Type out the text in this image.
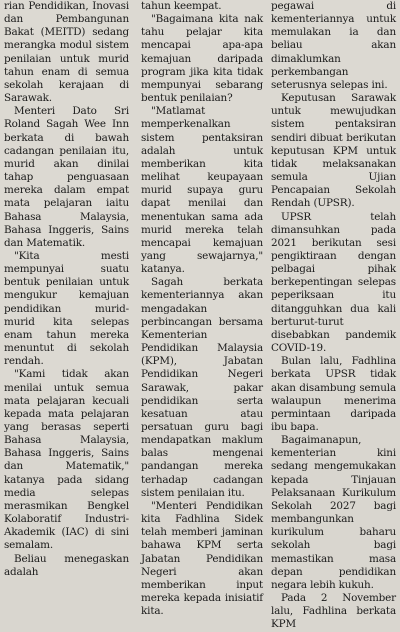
rian Pendidikan, Inovasi dan Pembangunan Bakat (MEITD) sedang merangka modul sistem penilaian untuk murid tahun enam di semua sekolah kerajaan di Sarawak.

Menteri Dato Sri Roland Sagah Wee Inn berkata di bawah cadangan penilaian itu, murid akan dinilai tahap penguasaan mereka dalam empat mata pelajaran iaitu Bahasa Malaysia, Bahasa Inggeris, Sains dan Matematik.

"Kita mesti mempunyai suatu bentuk penilaian untuk mengukur kemajuan pendidikan murid-murid kita selepas enam tahun mereka menuntut di sekolah rendah.

"Kami tidak akan menilai untuk semua mata pelajaran kecuali kepada mata pelajaran yang berasas seperti Bahasa Malaysia, Bahasa Inggeris, Sains dan Matematik," katanya pada sidang media selepas merasmikan Bengkel Kolaboratif Industri-Akademik (IAC) di sini semalam.

Beliau menegaskan adalah

tahun keempat.

"Bagaimana kita nak tahu pelajar kita mencapai apa-apa kemajuan daripada program jika kita tidak mempunyai sebarang bentuk penilaian?

"Matlamat memperkenalkan sistem pentaksiran adalah untuk memberikan kita melihat keupayaan murid supaya guru dapat menilai dan menentukan sama ada murid mereka telah mencapai kemajuan yang sewajarnya," katanya.

Sagah berkata kementeriannya akan mengadakan perbincangan bersama Kementerian Pendidikan Malaysia (KPM), Jabatan Pendidikan Negeri Sarawak, pakar pendidikan serta kesatuan atau persatuan guru bagi mendapatkan maklum balas mengenai pandangan mereka terhadap cadangan sistem penilaian itu.

"Menteri Pendidikan kita Fadhlina Sidek telah memberi jaminan bahawa KPM serta Jabatan Pendidikan Negeri akan memberikan input mereka kepada inisiatif kita.

pegawai di kementeriannya untuk memulakan ia dan beliau akan dimaklumkan perkembangan seterusnya selepas ini.

Keputusan Sarawak untuk mewujudkan sistem pentaksiran sendiri dibuat berikutan keputusan KPM untuk tidak melaksanakan semula Ujian Pencapaian Sekolah Rendah (UPSR).

UPSR telah dimansuhkan pada 2021 berikutan sesi pengiktiraan dengan pelbagai pihak berkepentingan selepas peperiksaan itu ditangguhkan dua kali berturut-turut disebabkan pandemik COVID-19.

Bulan lalu, Fadhlina berkata UPSR tidak akan disambung semula walaupun menerima permintaan daripada ibu bapa.

Bagaimanapun, kementerian kini sedang mengemukakan kepada Tinjauan Pelaksanaan Kurikulum Sekolah 2027 bagi membangunkan kurikulum baharu sekolah bagi memastikan masa depan pendidikan negara lebih kukuh.

Pada 2 November lalu, Fadhlina berkata KPM
